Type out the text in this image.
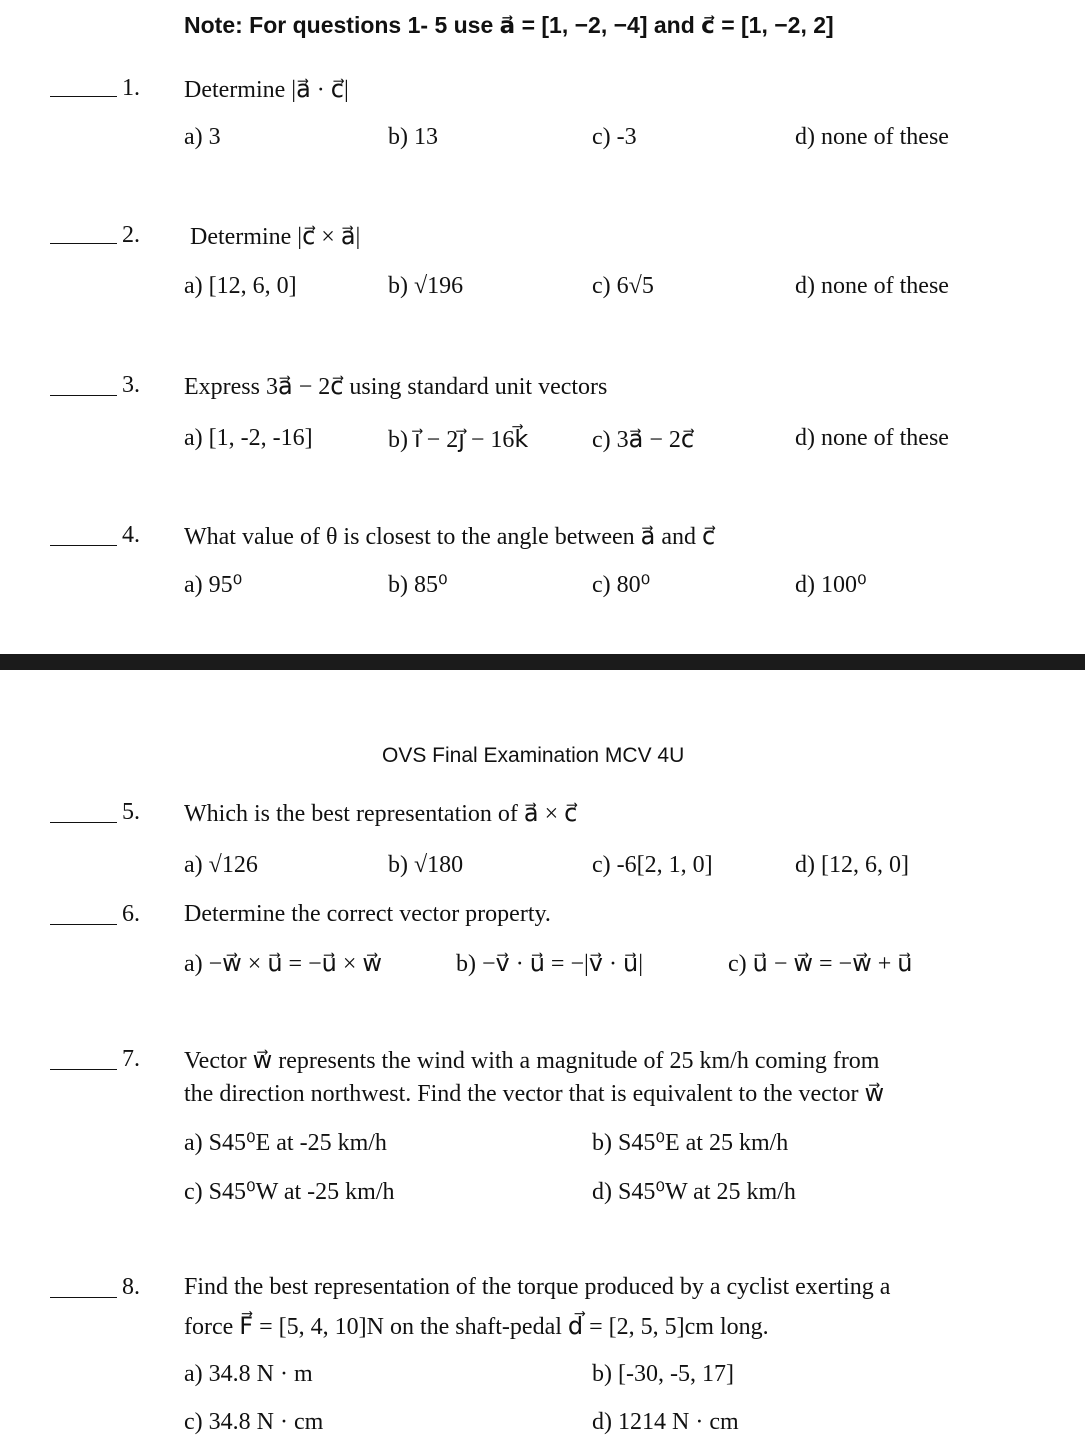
Note: For questions 1- 5 use a⃗ = [1, −2, −4] and c⃗ = [1, −2, 2]
1. Determine |a⃗ · c⃗|
a) 3	b) 13	c) -3	d) none of these
2. Determine |c⃗ × a⃗|
a) [12, 6, 0]	b) √196	c) 6√5	d) none of these
3. Express 3a⃗ − 2c⃗ using standard unit vectors
a) [1, -2, -16]	b) i⃗ − 2j⃗ − 16k⃗	c) 3a⃗ − 2c⃗	d) none of these
4. What value of θ is closest to the angle between a⃗ and c⃗
a) 95⁰	b) 85⁰	c) 80⁰	d) 100⁰
OVS Final Examination MCV 4U
5. Which is the best representation of a⃗ × c⃗
a) √126	b) √180	c) -6[2, 1, 0]	d) [12, 6, 0]
6. Determine the correct vector property.
a) −w⃗ × u⃗ = −u⃗ × w⃗	b) −v⃗ · u⃗ = −|v⃗ · u⃗|	c) u⃗ − w⃗ = −w⃗ + u⃗
7. Vector w⃗ represents the wind with a magnitude of 25 km/h coming from
the direction northwest. Find the vector that is equivalent to the vector w⃗
a) S45⁰E at -25 km/h	b) S45⁰E at 25 km/h
c) S45⁰W at -25 km/h	d) S45⁰W at 25 km/h
8. Find the best representation of the torque produced by a cyclist exerting a
force F⃗ = [5, 4, 10]N on the shaft-pedal d⃗ = [2, 5, 5]cm long.
a) 34.8 N · m	b) [-30, -5, 17]
c) 34.8 N · cm	d) 1214 N · cm
